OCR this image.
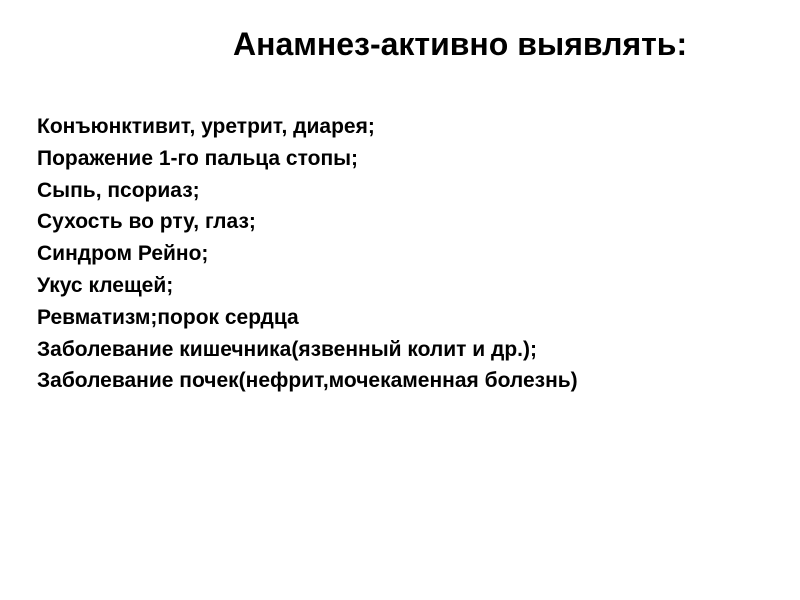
Анамнез-активно выявлять:
Конъюнктивит, уретрит, диарея;
Поражение 1-го пальца стопы;
Сыпь, псориаз;
Сухость во рту, глаз;
Синдром Рейно;
Укус клещей;
Ревматизм;порок сердца
Заболевание кишечника(язвенный колит и др.);
Заболевание почек(нефрит,мочекаменная болезнь)
